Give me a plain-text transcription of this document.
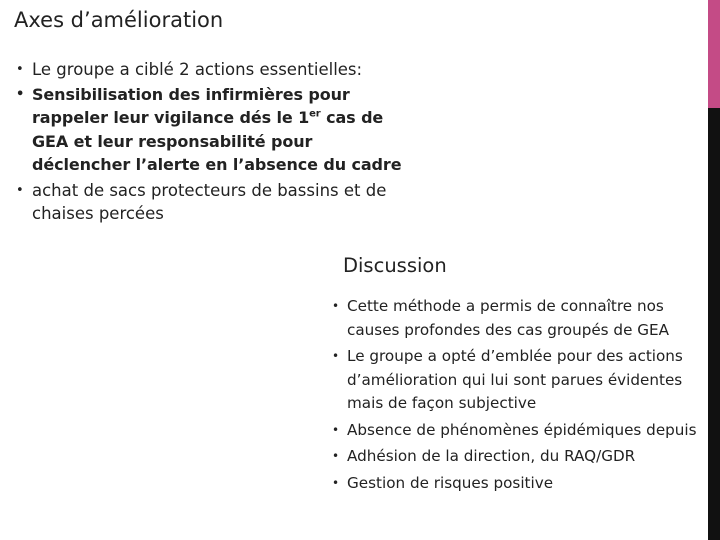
Axes d’amélioration
• Le groupe a ciblé 2 actions essentielles:
• Sensibilisation des infirmières pour rappeler leur vigilance dés le 1er cas de GEA et leur responsabilité pour déclencher l’alerte en l’absence du cadre
• achat de sacs protecteurs de bassins et de chaises percées
Discussion
• Cette méthode a permis de connaître nos causes profondes des cas groupés de GEA
• Le groupe a opté d’emblée pour des actions d’amélioration qui lui sont parues évidentes mais de façon subjective
• Absence de phénomènes épidémiques depuis
• Adhésion de la direction, du RAQ/GDR
• Gestion de risques positive
